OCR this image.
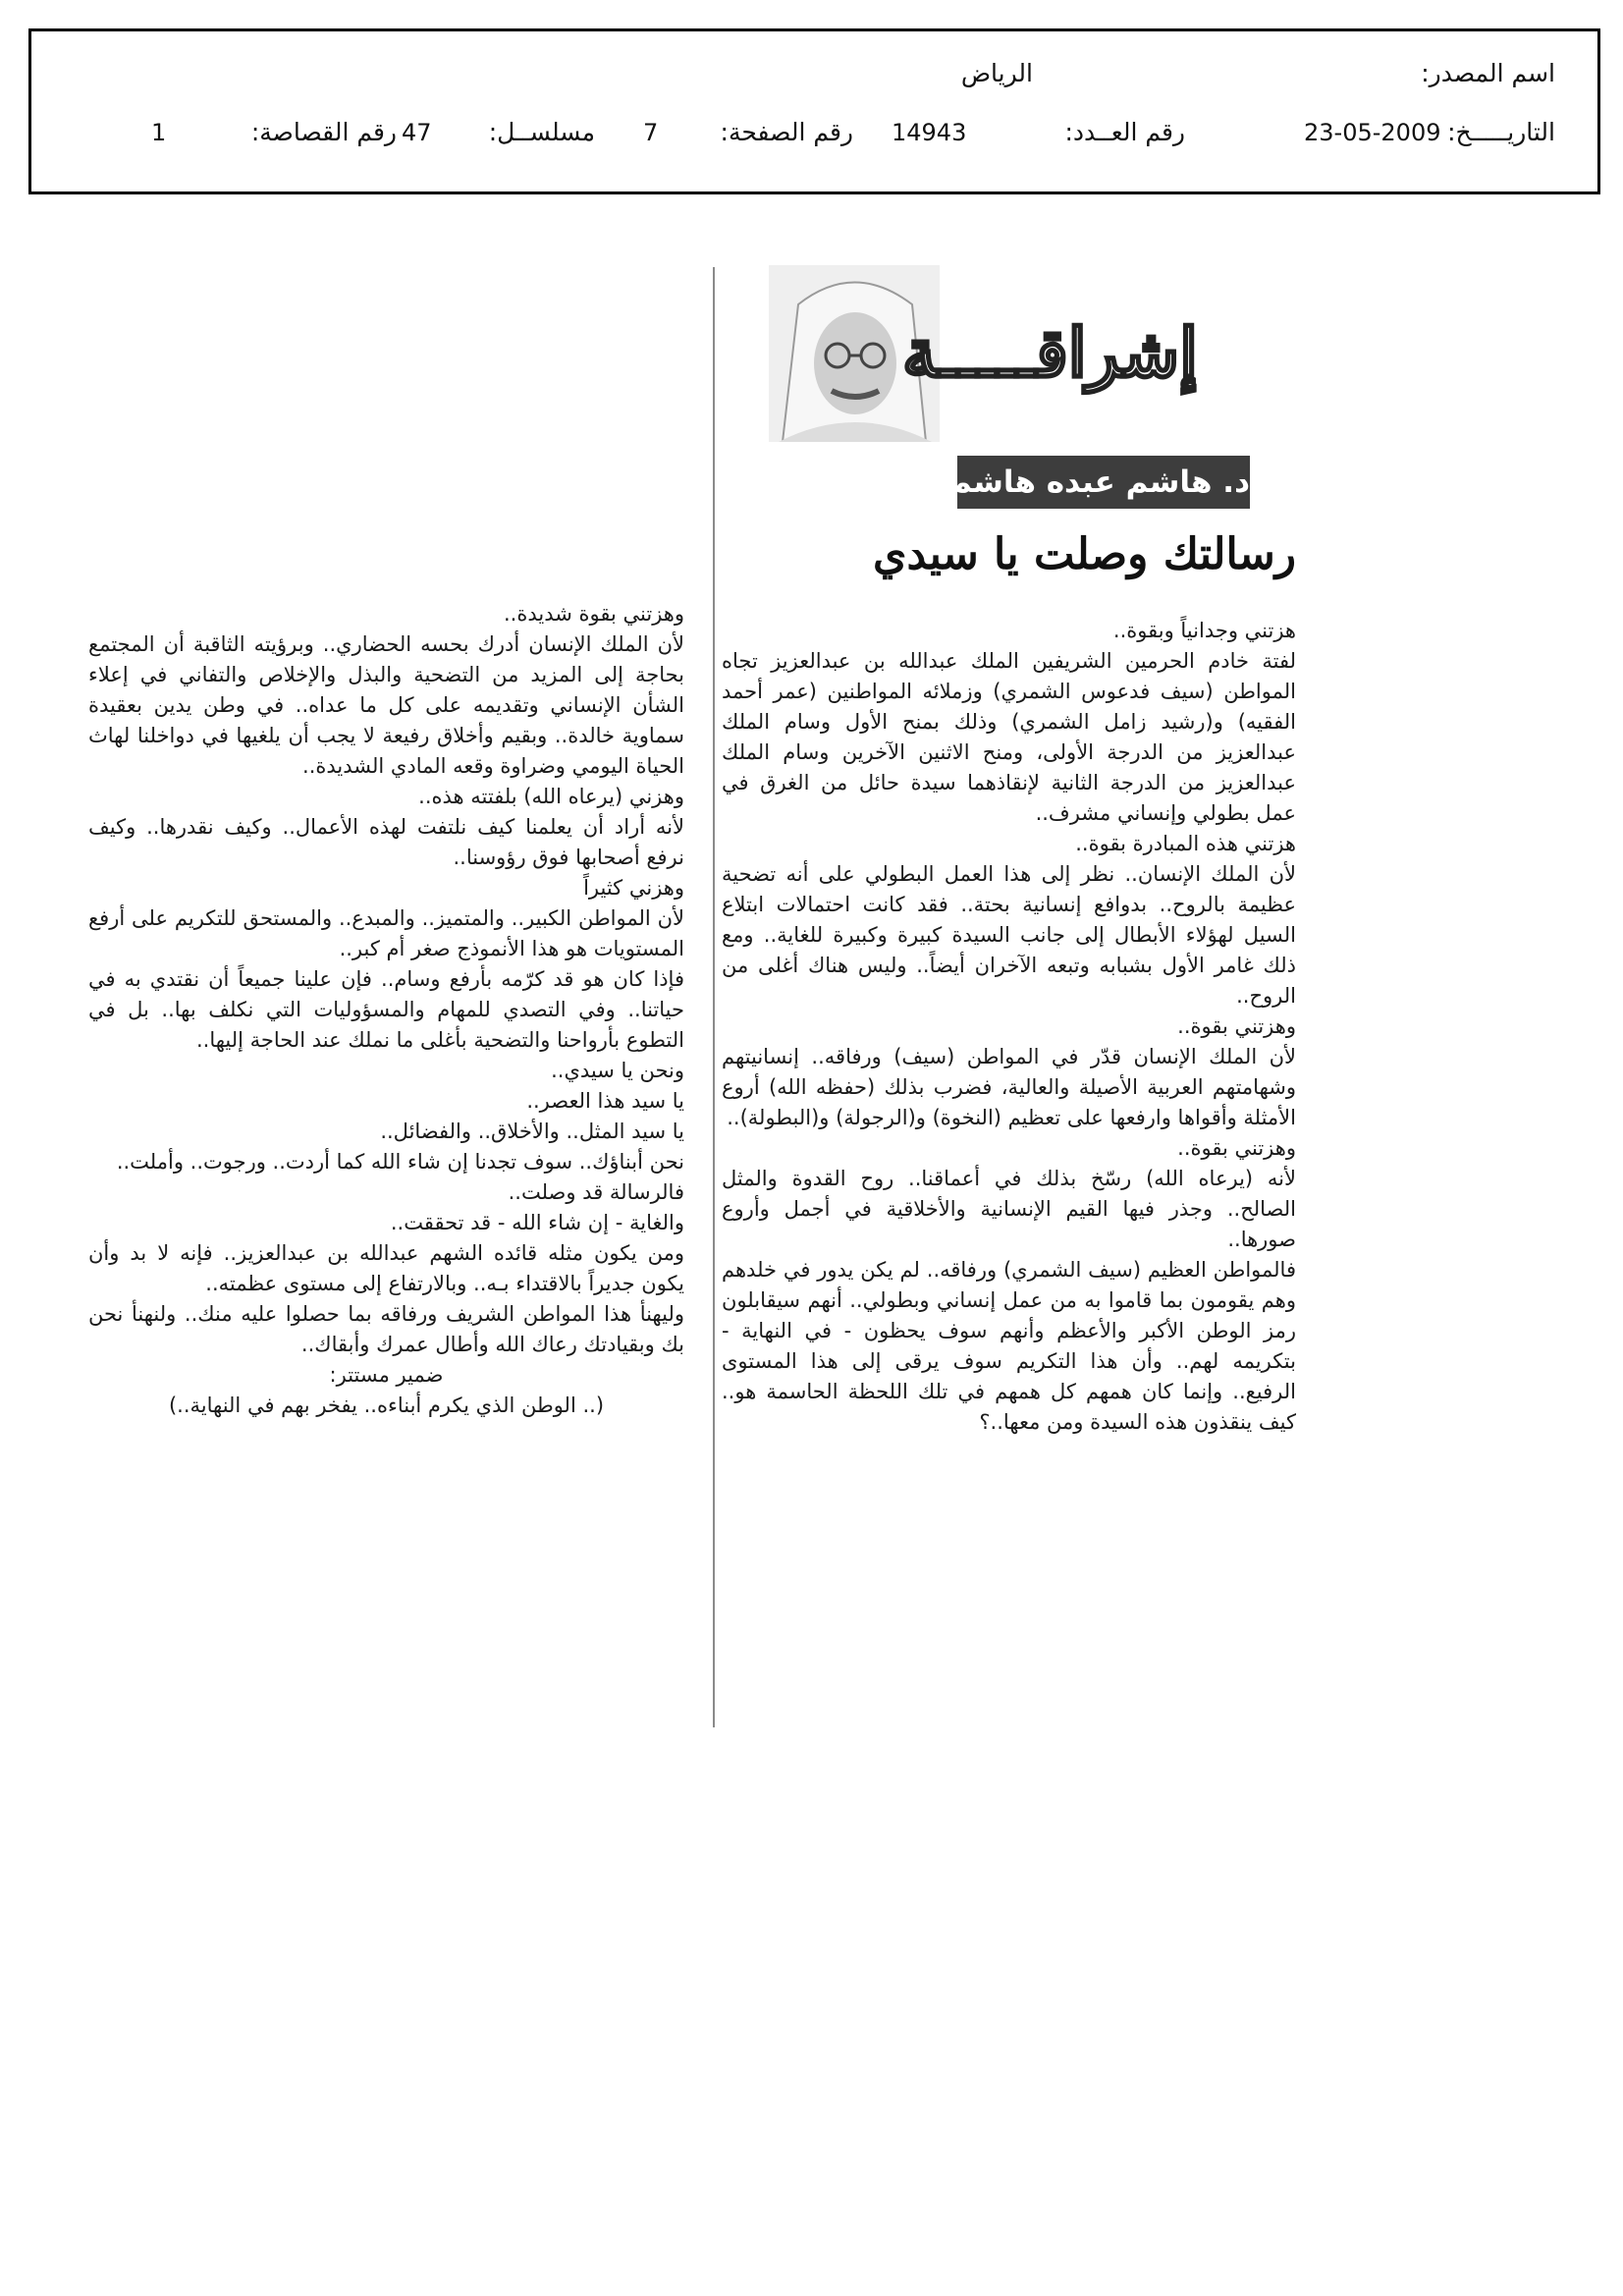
اسم المصدر:
الرياض
التاريـــــخ:
23-05-2009
رقم العــدد:
14943
رقم الصفحة:
7
مسلســل:
47
رقم القصاصة:
1
إشراقـــــة
د. هاشم عبده هاشم
رسالتك وصلت يا سيدي

هزتني وجدانياً وبقوة..

لفتة خادم الحرمين الشريفين الملك عبدالله بن عبدالعزيز تجاه المواطن (سيف فدعوس الشمري) وزملائه المواطنين (عمر أحمد الفقيه) و(رشيد زامل الشمري) وذلك بمنح الأول وسام الملك عبدالعزيز من الدرجة الأولى، ومنح الاثنين الآخرين وسام الملك عبدالعزيز من الدرجة الثانية لإنقاذهما سيدة حائل من الغرق في عمل بطولي وإنساني مشرف..

هزتني هذه المبادرة بقوة..

لأن الملك الإنسان.. نظر إلى هذا العمل البطولي على أنه تضحية عظيمة بالروح.. بدوافع إنسانية بحتة.. فقد كانت احتمالات ابتلاع السيل لهؤلاء الأبطال إلى جانب السيدة كبيرة وكبيرة للغاية.. ومع ذلك غامر الأول بشبابه وتبعه الآخران أيضاً.. وليس هناك أغلى من الروح..

وهزتني بقوة..

لأن الملك الإنسان قدّر في المواطن (سيف) ورفاقه.. إنسانيتهم وشهامتهم العربية الأصيلة والعالية، فضرب بذلك (حفظه الله) أروع الأمثلة وأقواها وارفعها على تعظيم (النخوة) و(الرجولة) و(البطولة)..

وهزتني بقوة..

لأنه (يرعاه الله) رسّخ بذلك في أعماقنا.. روح القدوة والمثل الصالح.. وجذر فيها القيم الإنسانية والأخلاقية في أجمل وأروع صورها..

فالمواطن العظيم (سيف الشمري) ورفاقه.. لم يكن يدور في خلدهم وهم يقومون بما قاموا به من عمل إنساني وبطولي.. أنهم سيقابلون رمز الوطن الأكبر والأعظم وأنهم سوف يحظون - في النهاية - بتكريمه لهم.. وأن هذا التكريم سوف يرقى إلى هذا المستوى الرفيع.. وإنما كان همهم كل همهم في تلك اللحظة الحاسمة هو.. كيف ينقذون هذه السيدة ومن معها..؟

وهزتني بقوة شديدة..

لأن الملك الإنسان أدرك بحسه الحضاري.. وبرؤيته الثاقبة أن المجتمع بحاجة إلى المزيد من التضحية والبذل والإخلاص والتفاني في إعلاء الشأن الإنساني وتقديمه على كل ما عداه.. في وطن يدين بعقيدة سماوية خالدة.. وبقيم وأخلاق رفيعة لا يجب أن يلغيها في دواخلنا لهاث الحياة اليومي وضراوة وقعه المادي الشديدة..

وهزني (يرعاه الله) بلفتته هذه..

لأنه أراد أن يعلمنا كيف نلتفت لهذه الأعمال.. وكيف نقدرها.. وكيف نرفع أصحابها فوق رؤوسنا..

وهزني كثيراً

لأن المواطن الكبير.. والمتميز.. والمبدع.. والمستحق للتكريم على أرفع المستويات هو هذا الأنموذج صغر أم كبر..

فإذا كان هو قد كرّمه بأرفع وسام.. فإن علينا جميعاً أن نقتدي به في حياتنا.. وفي التصدي للمهام والمسؤوليات التي نكلف بها.. بل في التطوع بأرواحنا والتضحية بأغلى ما نملك عند الحاجة إليها..

ونحن يا سيدي..

يا سيد هذا العصر..

يا سيد المثل.. والأخلاق.. والفضائل..

نحن أبناؤك.. سوف تجدنا إن شاء الله كما أردت.. ورجوت.. وأملت..

فالرسالة قد وصلت..

والغاية - إن شاء الله - قد تحققت..

ومن يكون مثله قائده الشهم عبدالله بن عبدالعزيز.. فإنه لا بد وأن يكون جديراً بالاقتداء بـه.. وبالارتفاع إلى مستوى عظمته..

وليهنأ هذا المواطن الشريف ورفاقه بما حصلوا عليه منك.. ولنهنأ نحن بك وبقيادتك رعاك الله وأطال عمرك وأبقاك..

ضمير مستتر:

(.. الوطن الذي يكرم أبناءه.. يفخر بهم في النهاية..)
